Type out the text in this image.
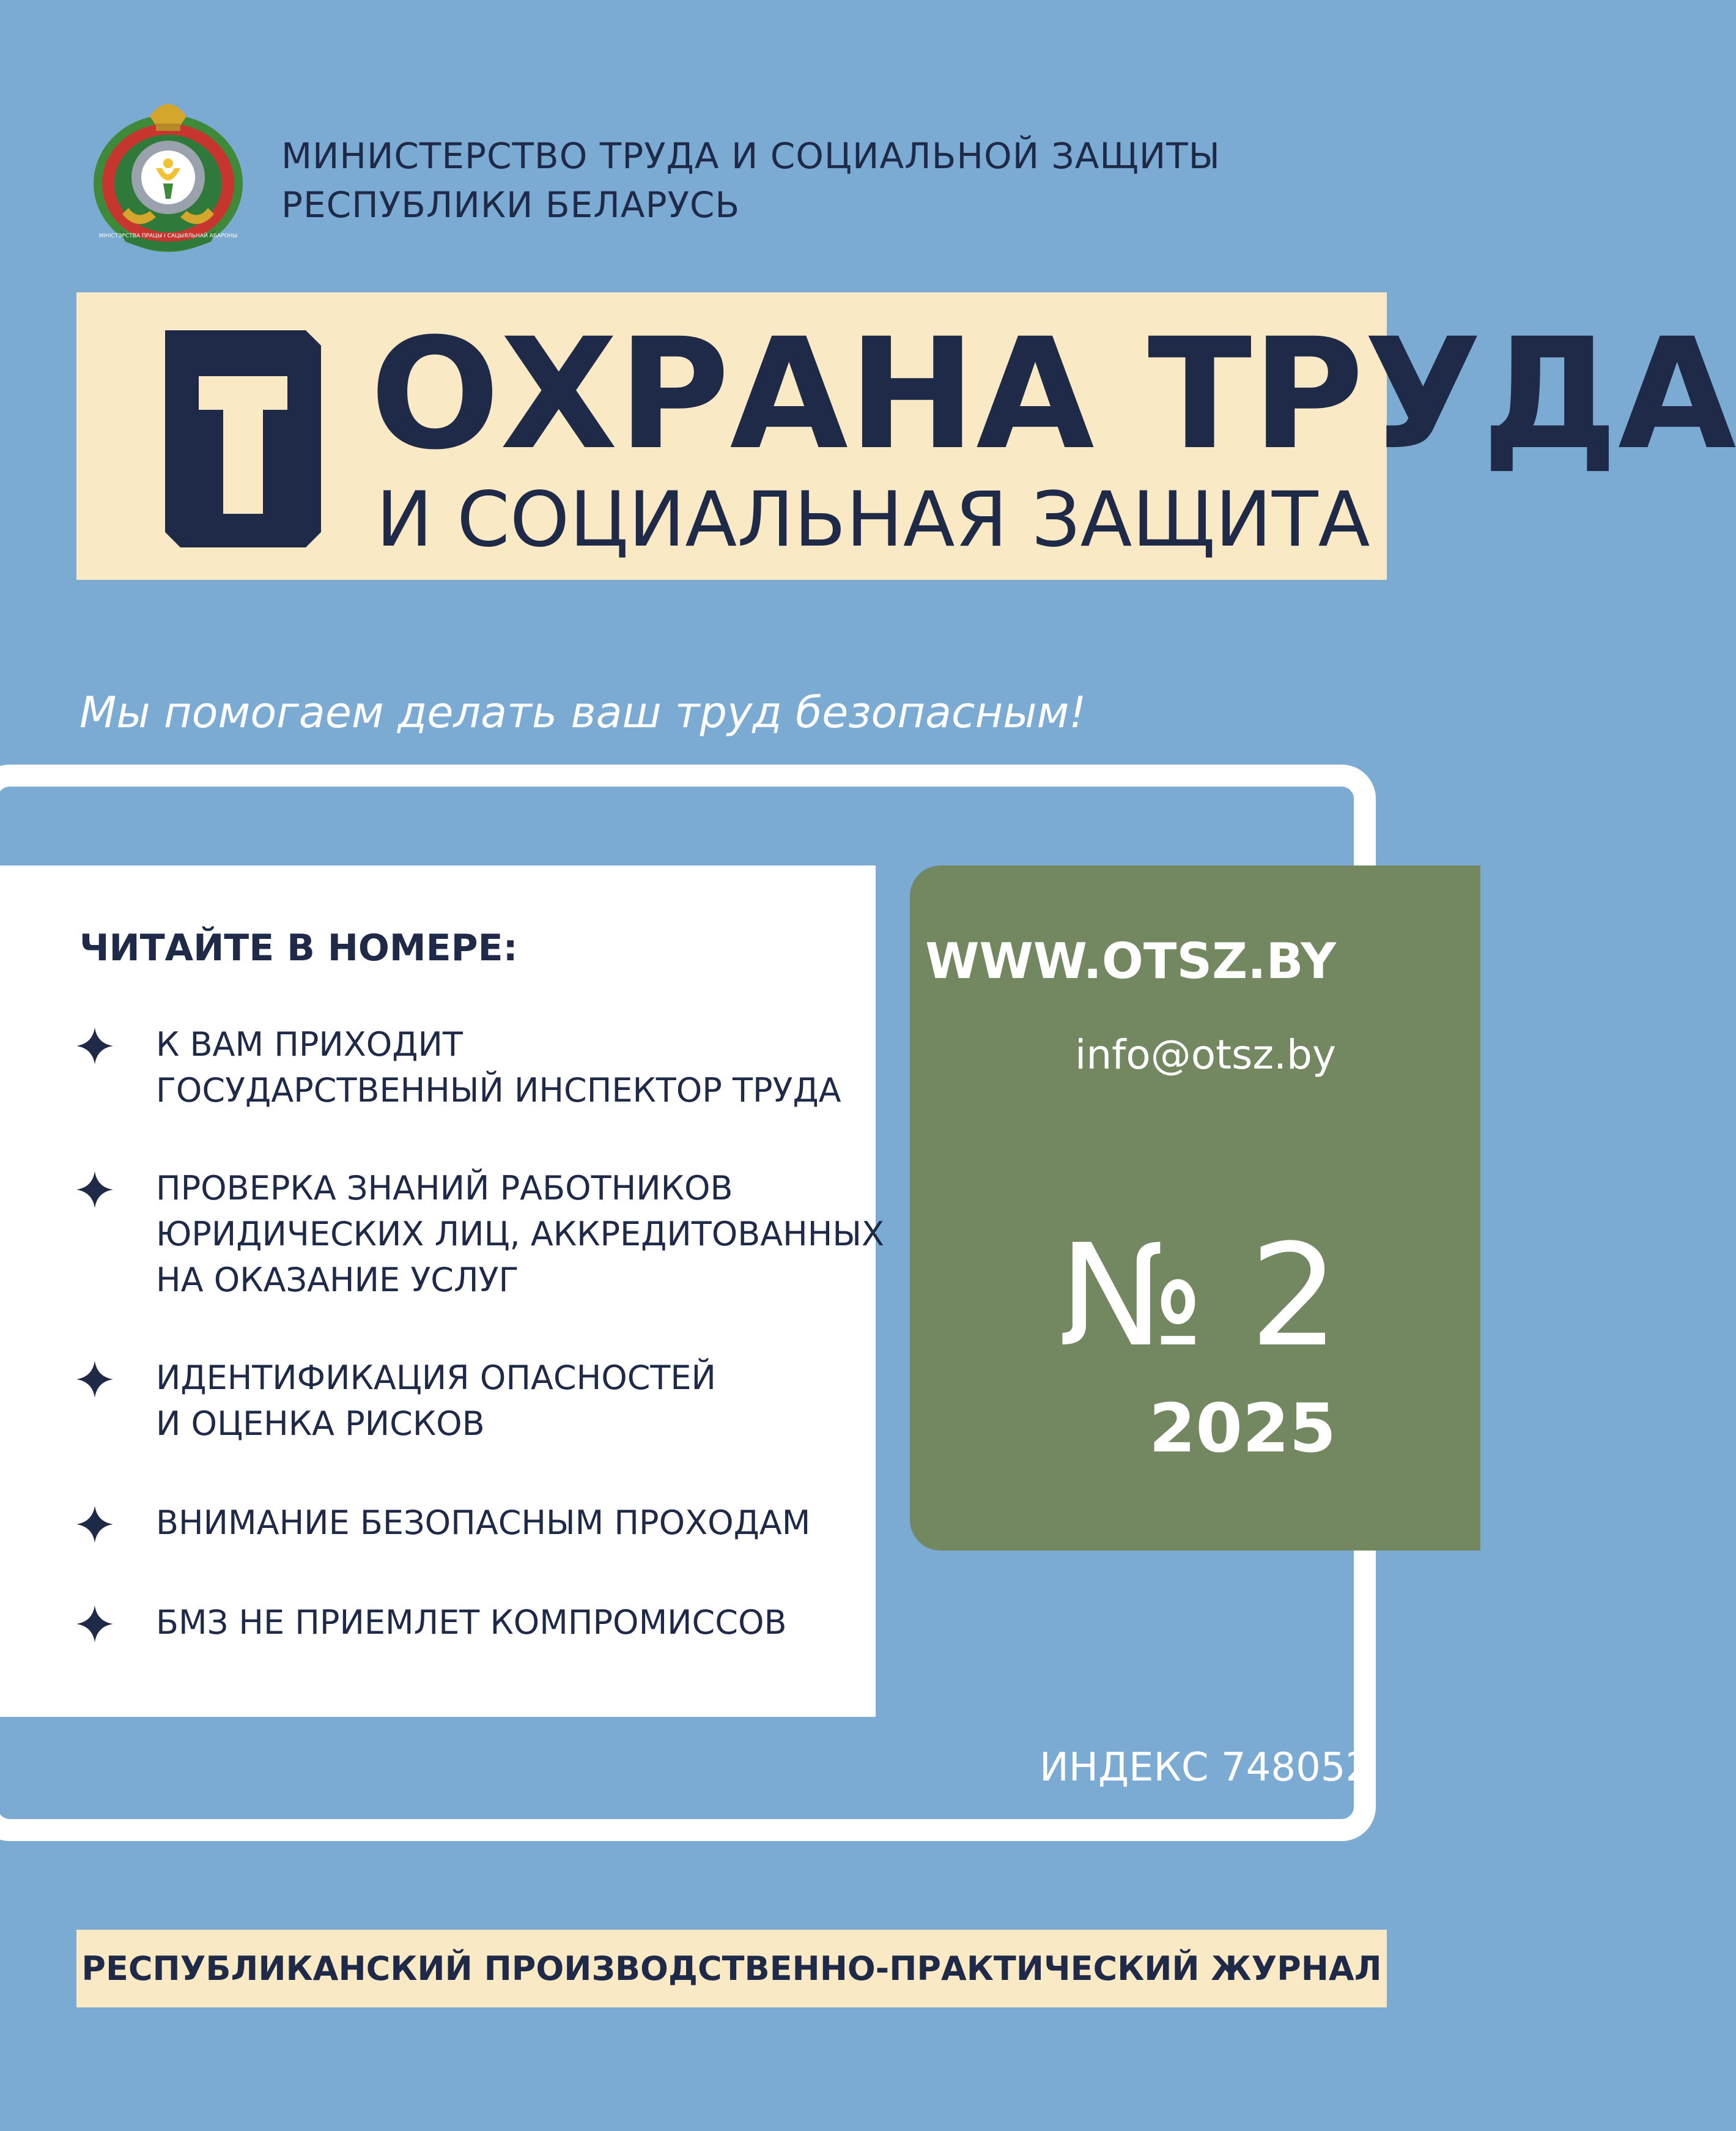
МІНІСТЭРСТВА ПРАЦЫ І САЦЫЯЛЬНАЙ АБАРОНЫ
МИНИСТЕРСТВО ТРУДА И СОЦИАЛЬНОЙ ЗАЩИТЫ
РЕСПУБЛИКИ БЕЛАРУСЬ
ОХРАНА ТРУДА
И СОЦИАЛЬНАЯ ЗАЩИТА
Мы помогаем делать ваш труд безопасным!
ЧИТАЙТЕ В НОМЕРЕ:
К ВАМ ПРИХОДИТ
ГОСУДАРСТВЕННЫЙ ИНСПЕКТОР ТРУДА
ПРОВЕРКА ЗНАНИЙ РАБОТНИКОВ
ЮРИДИЧЕСКИХ ЛИЦ, АККРЕДИТОВАННЫХ
НА ОКАЗАНИЕ УСЛУГ
ИДЕНТИФИКАЦИЯ ОПАСНОСТЕЙ
И ОЦЕНКА РИСКОВ
ВНИМАНИЕ БЕЗОПАСНЫМ ПРОХОДАМ
БМЗ НЕ ПРИЕМЛЕТ КОМПРОМИССОВ
WWW.OTSZ.BY
info@otsz.by
№ 2
2025
ИНДЕКС 748052
РЕСПУБЛИКАНСКИЙ ПРОИЗВОДСТВЕННО-ПРАКТИЧЕСКИЙ ЖУРНАЛ
